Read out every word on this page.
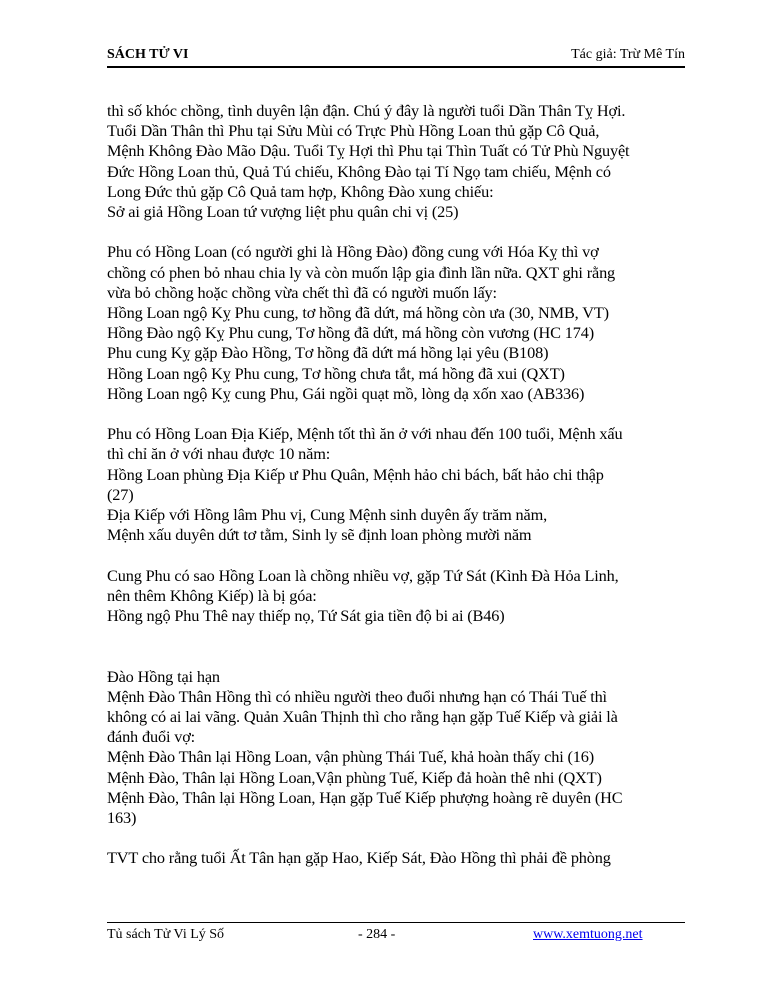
SÁCH TỬ VI	Tác giả: Trừ Mê Tín

thì số khóc chồng, tình duyên lận đận. Chú ý đây là người tuổi Dần Thân Tỵ Hợi.
Tuổi Dần Thân thì Phu tại Sửu Mùi có Trực Phù Hồng Loan thủ gặp Cô Quả,
Mệnh Không Đào Mão Dậu. Tuổi Tỵ Hợi thì Phu tại Thìn Tuất có Tử Phù Nguyệt
Đức Hồng Loan thủ, Quả Tú chiếu, Không Đào tại Tí Ngọ tam chiếu, Mệnh có
Long Đức thủ gặp Cô Quả tam hợp, Không Đào xung chiếu:
Sở ai giả Hồng Loan tứ vượng liệt phu quân chi vị (25)

Phu có Hồng Loan (có người ghi là Hồng Đào) đồng cung với Hóa Kỵ thì vợ
chồng có phen bỏ nhau chia ly và còn muốn lập gia đình lần nữa. QXT ghi rằng
vừa bỏ chồng hoặc chồng vừa chết thì đã có người muốn lấy:
Hồng Loan ngộ Kỵ Phu cung, tơ hồng đã dứt, má hồng còn ưa (30, NMB, VT)
Hồng Đào ngộ Kỵ Phu cung, Tơ hồng đã dứt, má hồng còn vương (HC 174)
Phu cung Kỵ gặp Đào Hồng, Tơ hồng đã dứt má hồng lại yêu (B108)
Hồng Loan ngộ Kỵ Phu cung, Tơ hồng chưa tắt, má hồng đã xui (QXT)
Hồng Loan ngộ Kỵ cung Phu, Gái ngồi quạt mồ, lòng dạ xốn xao (AB336)

Phu có Hồng Loan Địa Kiếp, Mệnh tốt thì ăn ở với nhau đến 100 tuổi, Mệnh xấu
thì chỉ ăn ở với nhau được 10 năm:
Hồng Loan phùng Địa Kiếp ư Phu Quân, Mệnh hảo chi bách, bất hảo chi thập
(27)
Địa Kiếp với Hồng lâm Phu vị, Cung Mệnh sinh duyên ấy trăm năm,
Mệnh xấu duyên dứt tơ tằm, Sinh ly sẽ định loan phòng mười năm

Cung Phu có sao Hồng Loan là chồng nhiều vợ, gặp Tứ Sát (Kình Đà Hỏa Linh,
nên thêm Không Kiếp) là bị góa:
Hồng ngộ Phu Thê nay thiếp nọ, Tứ Sát gia tiền độ bi ai (B46)

Đào Hồng tại hạn
Mệnh Đào Thân Hồng thì có nhiều người theo đuổi nhưng hạn có Thái Tuế thì
không có ai lai vãng. Quản Xuân Thịnh thì cho rằng hạn gặp Tuế Kiếp và giải là
đánh đuổi vợ:
Mệnh Đào Thân lại Hồng Loan, vận phùng Thái Tuế, khả hoàn thấy chi (16)
Mệnh Đào, Thân lại Hồng Loan,Vận phùng Tuế, Kiếp đả hoàn thê nhi (QXT)
Mệnh Đào, Thân lại Hồng Loan, Hạn gặp Tuế Kiếp phượng hoàng rẽ duyên (HC
163)

TVT cho rằng tuổi Ất Tân hạn gặp Hao, Kiếp Sát, Đào Hồng thì phải đề phòng

Tủ sách Tử Vi Lý Số	- 284 -	www.xemtuong.net
